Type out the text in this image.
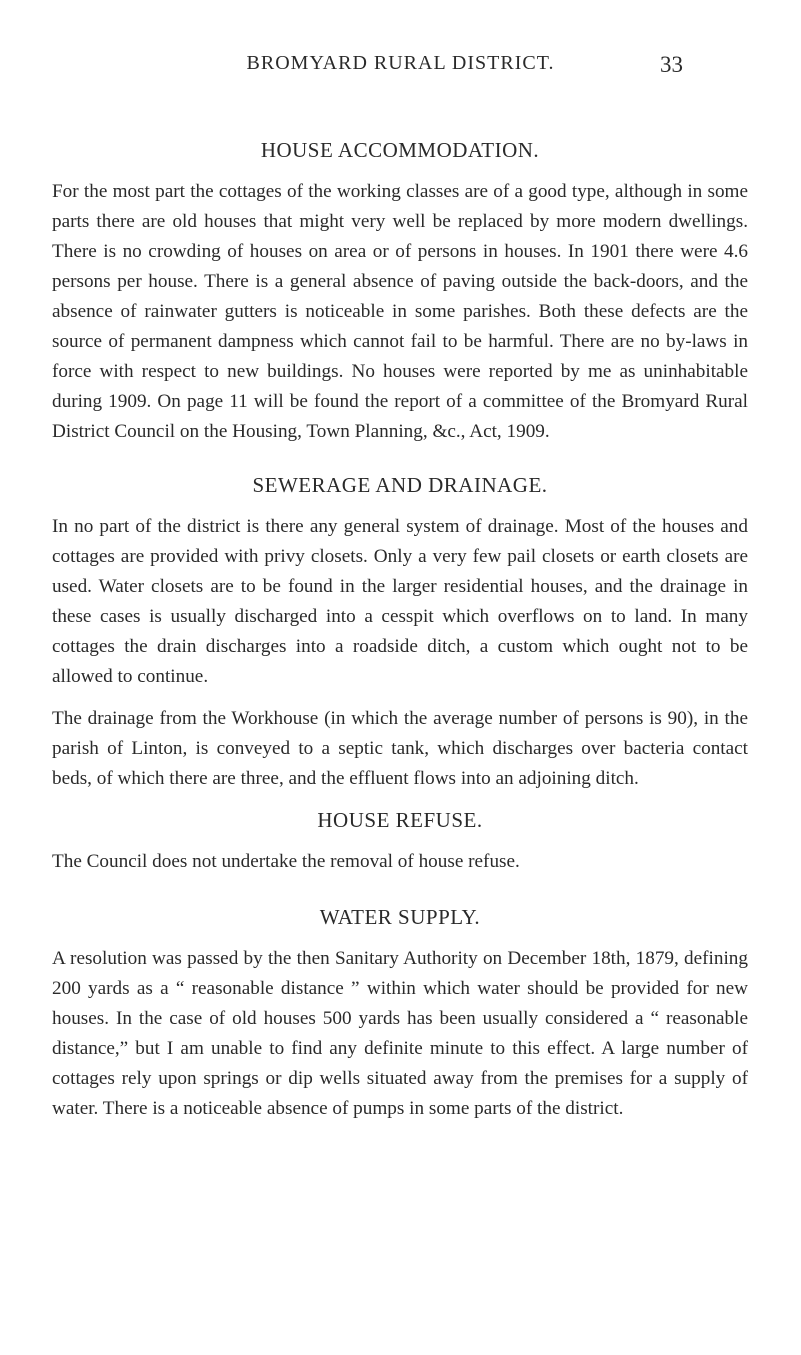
BROMYARD RURAL DISTRICT.	33
HOUSE ACCOMMODATION.

For the most part the cottages of the working classes are of a good type, although in some parts there are old houses that might very well be replaced by more modern dwellings. There is no crowding of houses on area or of persons in houses. In 1901 there were 4.6 persons per house. There is a general absence of paving outside the back-doors, and the absence of rainwater gutters is noticeable in some parishes. Both these defects are the source of permanent dampness which cannot fail to be harmful. There are no by-laws in force with respect to new buildings. No houses were reported by me as uninhabitable during 1909. On page 11 will be found the report of a committee of the Bromyard Rural District Council on the Housing, Town Planning, &c., Act, 1909.

SEWERAGE AND DRAINAGE.

In no part of the district is there any general system of drainage. Most of the houses and cottages are provided with privy closets. Only a very few pail closets or earth closets are used. Water closets are to be found in the larger residential houses, and the drainage in these cases is usually discharged into a cesspit which overflows on to land. In many cottages the drain discharges into a roadside ditch, a custom which ought not to be allowed to continue.

The drainage from the Workhouse (in which the average number of persons is 90), in the parish of Linton, is conveyed to a septic tank, which discharges over bacteria contact beds, of which there are three, and the effluent flows into an adjoining ditch.

HOUSE REFUSE.

The Council does not undertake the removal of house refuse.

WATER SUPPLY.

A resolution was passed by the then Sanitary Authority on December 18th, 1879, defining 200 yards as a “ reasonable distance ” within which water should be provided for new houses. In the case of old houses 500 yards has been usually considered a “ reasonable distance,” but I am unable to find any definite minute to this effect. A large number of cottages rely upon springs or dip wells situated away from the premises for a supply of water. There is a noticeable absence of pumps in some parts of the district.
